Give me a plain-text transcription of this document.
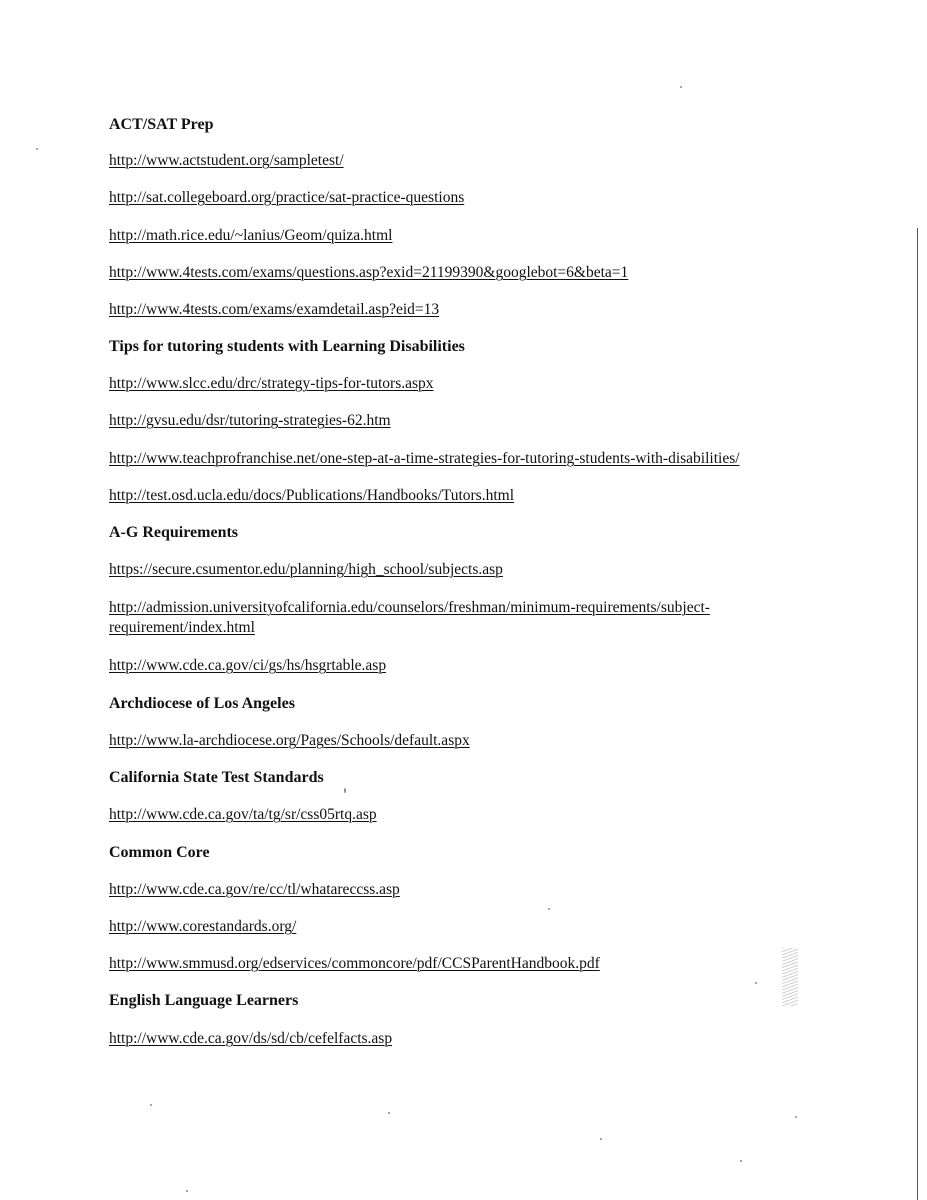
ACT/SAT Prep
http://www.actstudent.org/sampletest/
http://sat.collegeboard.org/practice/sat-practice-questions
http://math.rice.edu/~lanius/Geom/quiza.html
http://www.4tests.com/exams/questions.asp?exid=21199390&googlebot=6&beta=1
http://www.4tests.com/exams/examdetail.asp?eid=13
Tips for tutoring students with Learning Disabilities
http://www.slcc.edu/drc/strategy-tips-for-tutors.aspx
http://gvsu.edu/dsr/tutoring-strategies-62.htm
http://www.teachprofranchise.net/one-step-at-a-time-strategies-for-tutoring-students-with-disabilities/
http://test.osd.ucla.edu/docs/Publications/Handbooks/Tutors.html
A-G Requirements
https://secure.csumentor.edu/planning/high_school/subjects.asp
http://admission.universityofcalifornia.edu/counselors/freshman/minimum-requirements/subject-requirement/index.html
http://www.cde.ca.gov/ci/gs/hs/hsgrtable.asp
Archdiocese of Los Angeles
http://www.la-archdiocese.org/Pages/Schools/default.aspx
California State Test Standards
http://www.cde.ca.gov/ta/tg/sr/css05rtq.asp
Common Core
http://www.cde.ca.gov/re/cc/tl/whatareccss.asp
http://www.corestandards.org/
http://www.smmusd.org/edservices/commoncore/pdf/CCSParentHandbook.pdf
English Language Learners
http://www.cde.ca.gov/ds/sd/cb/cefelfacts.asp
